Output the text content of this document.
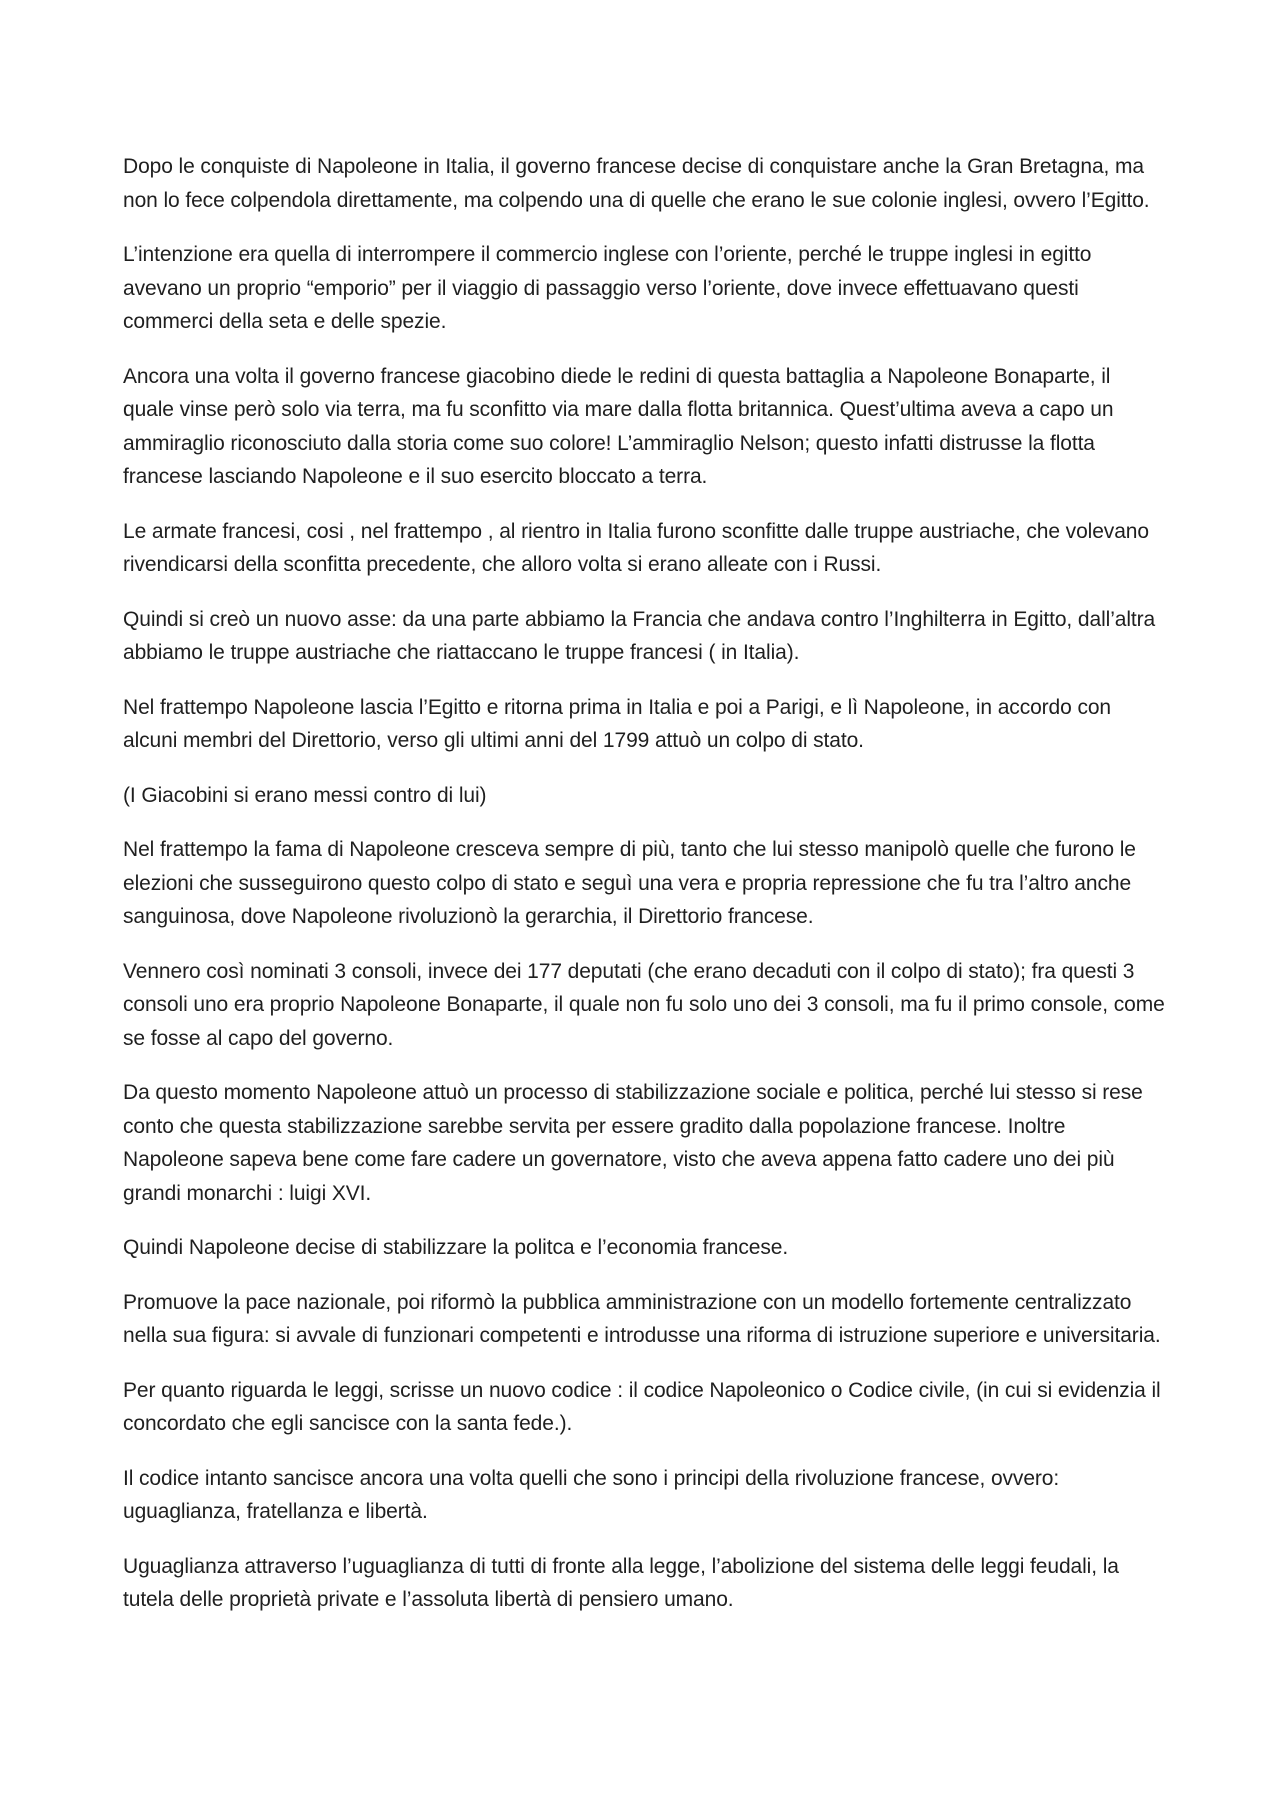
Dopo le conquiste di Napoleone in Italia, il governo francese decise di conquistare anche la Gran Bretagna, ma non lo fece colpendola direttamente, ma colpendo una di quelle che erano le sue colonie inglesi, ovvero l’Egitto.

L’intenzione era quella di interrompere il commercio inglese con l’oriente, perché le truppe inglesi in egitto avevano un proprio “emporio” per il viaggio di passaggio verso l’oriente, dove invece effettuavano questi commerci della seta e delle spezie.

Ancora una volta il governo francese giacobino diede le redini di questa battaglia a Napoleone Bonaparte, il quale vinse però solo via terra, ma fu sconfitto via mare dalla flotta britannica. Quest’ultima aveva a capo un ammiraglio riconosciuto dalla storia come suo colore! L’ammiraglio Nelson; questo infatti distrusse la flotta francese lasciando Napoleone e il suo esercito bloccato a terra.

Le armate francesi, cosi , nel frattempo , al rientro in Italia furono sconfitte dalle truppe austriache, che volevano rivendicarsi della sconfitta precedente, che alloro volta si erano alleate con i Russi.

Quindi si creò un nuovo asse: da una parte abbiamo la Francia che andava contro l’Inghilterra in Egitto, dall’altra abbiamo le truppe austriache che riattaccano le truppe francesi ( in Italia).

Nel frattempo Napoleone lascia l’Egitto e ritorna prima in Italia e poi a Parigi, e lì Napoleone, in accordo con alcuni membri del Direttorio, verso gli ultimi anni del 1799 attuò un colpo di stato.

(I Giacobini si erano messi contro di lui)

Nel frattempo la fama di Napoleone cresceva sempre di più, tanto che lui stesso manipolò quelle che furono le elezioni che susseguirono questo colpo di stato e seguì una vera e propria repressione che fu tra l’altro anche sanguinosa, dove Napoleone rivoluzionò la gerarchia, il Direttorio francese.

Vennero così nominati 3 consoli, invece dei 177 deputati (che erano decaduti con il colpo di stato); fra questi 3 consoli uno era proprio Napoleone Bonaparte, il quale non fu solo uno dei 3 consoli, ma fu il primo console, come se fosse al capo del governo.

Da questo momento Napoleone attuò un processo di stabilizzazione sociale e politica, perché lui stesso si rese conto che questa stabilizzazione sarebbe servita per essere gradito dalla popolazione francese. Inoltre Napoleone sapeva bene come fare cadere un governatore, visto che aveva appena fatto cadere uno dei più grandi monarchi : luigi XVI.

Quindi Napoleone decise di stabilizzare la politca e l’economia francese.

Promuove la pace nazionale, poi riformò la pubblica amministrazione con un modello fortemente centralizzato nella sua figura: si avvale di funzionari competenti e introdusse una riforma di istruzione superiore e universitaria.

Per quanto riguarda le leggi, scrisse un nuovo codice : il codice Napoleonico o Codice civile, (in cui si evidenzia il concordato che egli sancisce con la santa fede.).

Il codice intanto sancisce ancora una volta quelli che sono i principi della rivoluzione francese, ovvero: uguaglianza, fratellanza e libertà.

Uguaglianza attraverso l’uguaglianza di tutti di fronte alla legge, l’abolizione del sistema delle leggi feudali, la tutela delle proprietà private e l’assoluta libertà di pensiero umano.
